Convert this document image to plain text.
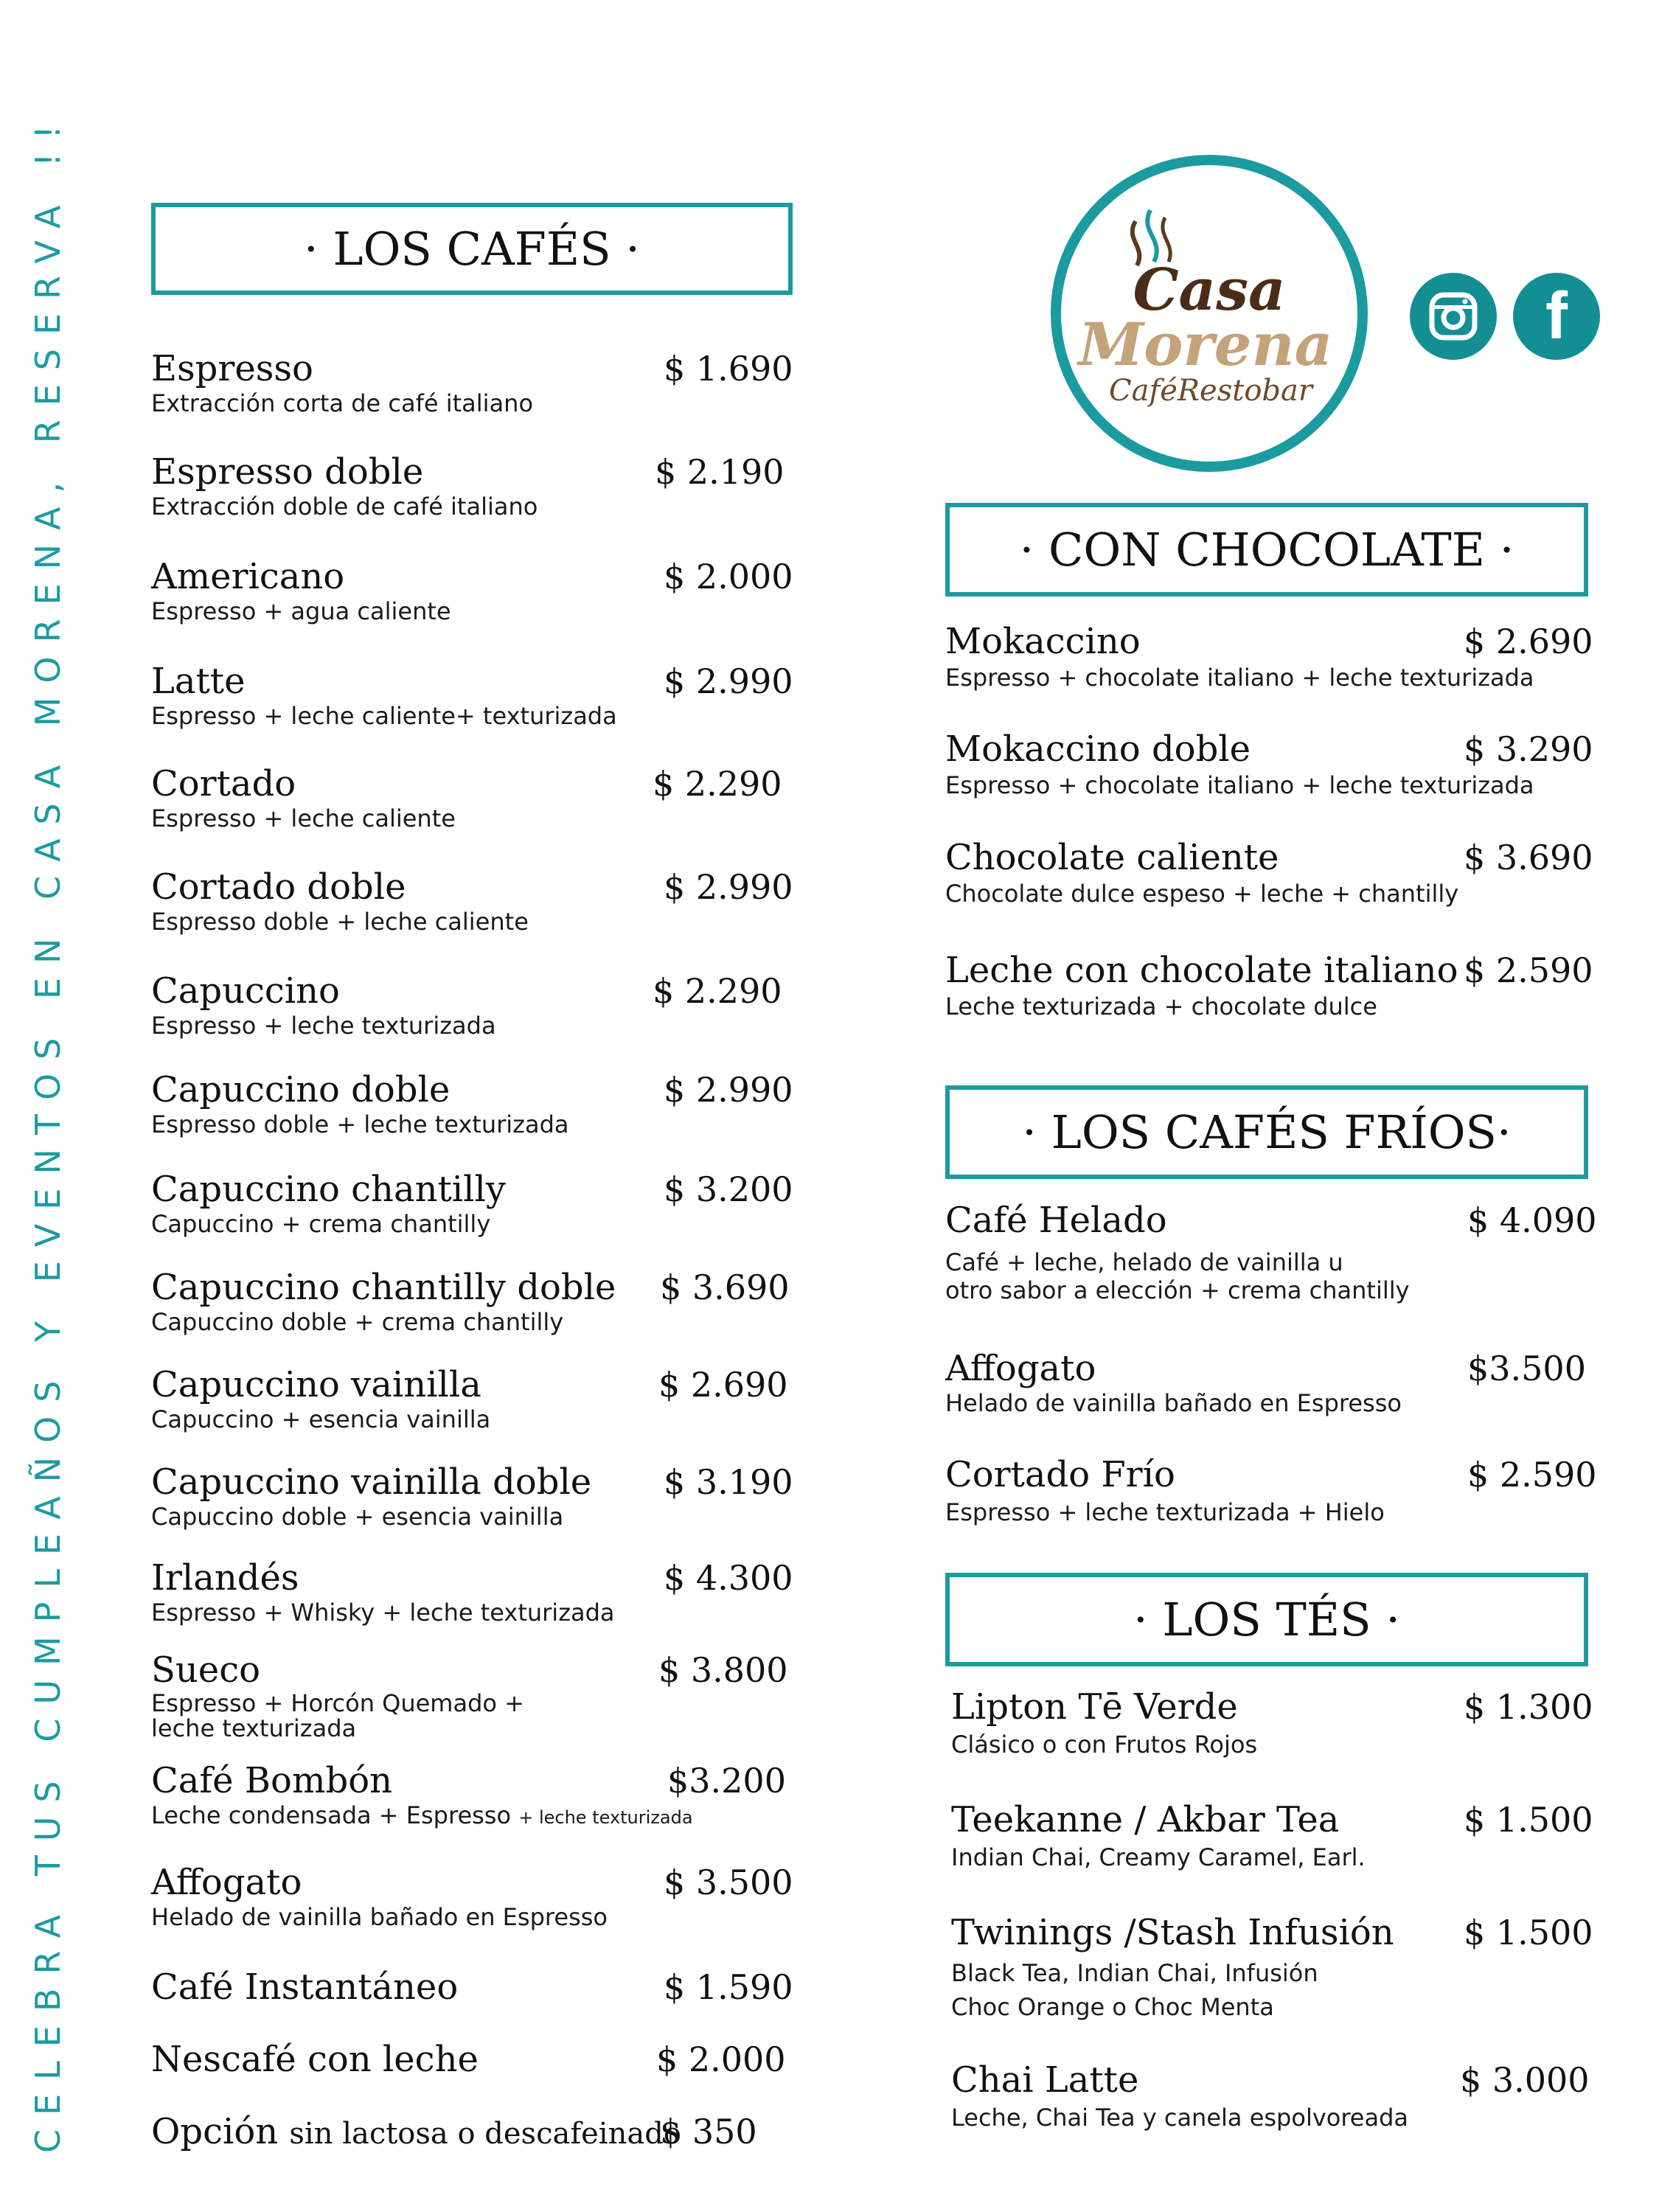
CELEBRA TUS CUMPLEAÑOS Y EVENTOS EN CASA MORENA, RESERVA !!	Casa
Morena
CaféRestobar
f
· LOS CAFÉS ·
Espresso
Extracción corta de café italiano
$ 1.690
Espresso doble
Extracción doble de café italiano
$ 2.190
Americano
Espresso + agua caliente
$ 2.000
Latte
Espresso + leche caliente+ texturizada
$ 2.990
Cortado
Espresso + leche caliente
$ 2.290
Cortado doble
Espresso doble + leche caliente
$ 2.990
Capuccino
Espresso + leche texturizada
$ 2.290
Capuccino doble
Espresso doble + leche texturizada
$ 2.990
Capuccino chantilly
Capuccino + crema chantilly
$ 3.200
Capuccino chantilly doble
Capuccino doble + crema chantilly
$ 3.690
Capuccino vainilla
Capuccino + esencia vainilla
$ 2.690
Capuccino vainilla doble
Capuccino doble + esencia vainilla
$ 3.190
Irlandés
Espresso + Whisky + leche texturizada
$ 4.300
Sueco
Espresso + Horcón Quemado +
leche texturizada
$ 3.800
Café Bombón
Leche condensada + Espresso + leche texturizada
$3.200
Affogato
Helado de vainilla bañado en Espresso
$ 3.500
Café Instantáneo	$ 1.590
Nescafé con leche	$ 2.000
Opción sin lactosa o descafeinado
$ 350
· CON CHOCOLATE ·
Mokaccino
Espresso + chocolate italiano + leche texturizada
$ 2.690
Mokaccino doble
Espresso + chocolate italiano + leche texturizada
$ 3.290
Chocolate caliente
Chocolate dulce espeso + leche + chantilly
$ 3.690
Leche con chocolate italiano
Leche texturizada + chocolate dulce
$ 2.590
· LOS CAFÉS FRÍOS·
Café Helado
Café + leche, helado de vainilla u
otro sabor a elección + crema chantilly
$ 4.090
Affogato
Helado de vainilla bañado en Espresso
$3.500
Cortado Frío
Espresso + leche texturizada + Hielo
$ 2.590
· LOS TÉS ·
Lipton Tē Verde
Clásico o con Frutos Rojos
$ 1.300
Teekanne / Akbar Tea
Indian Chai, Creamy Caramel, Earl.
$ 1.500
Twinings /Stash Infusión
Black Tea, Indian Chai, Infusión
Choc Orange o Choc Menta
$ 1.500
Chai Latte
Leche, Chai Tea y canela espolvoreada
$ 3.000
